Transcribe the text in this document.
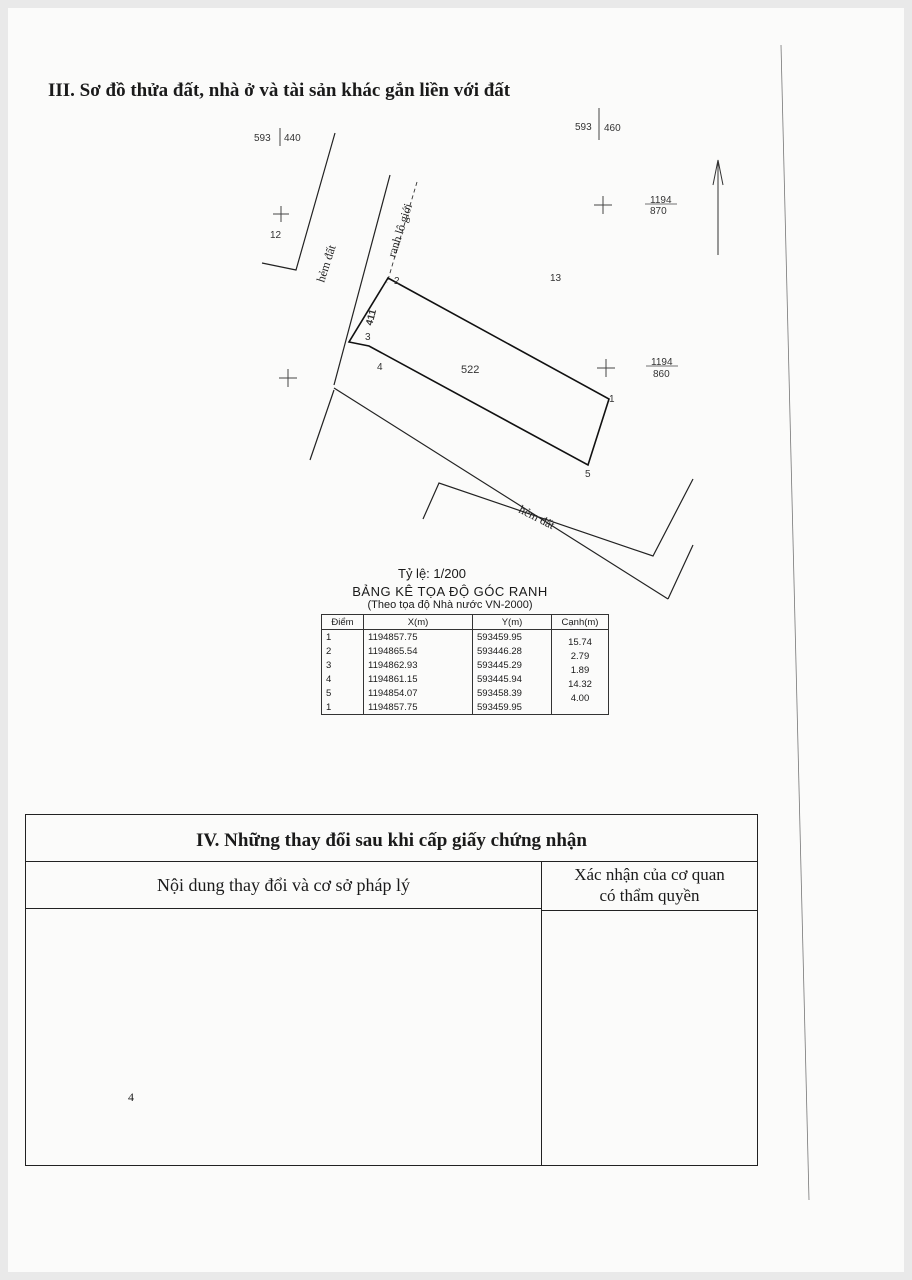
III. Sơ đồ thửa đất, nhà ở và tài sản khác gắn liền với đất
593 440
593 460
1194
870
1194
860
hẻm đất
ranh lô giới
12
13
522
411
2
3
4
1
5
hẻm đất
Tỷ lệ: 1/200
BẢNG KÊ TỌA ĐỘ GÓC RANH
(Theo tọa độ Nhà nước VN-2000)
Điểm	X(m)	Y(m)	Cạnh(m)
1	1194857.75	593459.95	15.74

2	1194865.54	593446.28	2.79

3	1194862.93	593445.29	1.89

4	1194861.15	593445.94	14.32

5	1194854.07	593458.39	4.00

1	1194857.75	593459.95	
IV. Những thay đổi sau khi cấp giấy chứng nhận
Nội dung thay đổi và cơ sở pháp lý
Xác nhận của cơ quan
có thẩm quyền
4
